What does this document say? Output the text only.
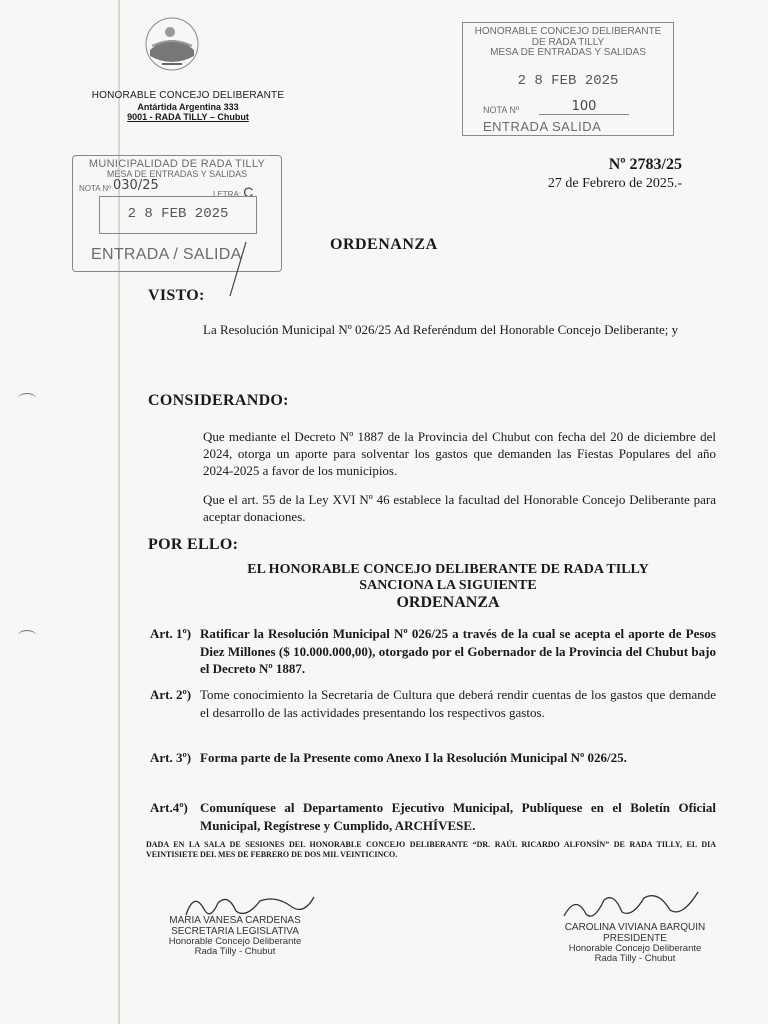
HONORABLE CONCEJO DELIBERANTE
Antártida Argentina 333
9001 - RADA TILLY – Chubut
HONORABLE CONCEJO DELIBERANTE
DE RADA TILLY
MESA DE ENTRADAS Y SALIDAS
2 8 FEB 2025
NOTA Nº	100
ENTRADA SALIDA
MUNICIPALIDAD DE RADA TILLY
MESA DE ENTRADAS Y SALIDAS
NOTA Nº 030/25
LETRA: C
2 8 FEB 2025
ENTRADA / SALIDA
Nº 2783/25
27 de Febrero de 2025.-
ORDENANZA
VISTO:
La Resolución Municipal Nº 026/25 Ad Referéndum del Honorable Concejo Deliberante; y
CONSIDERANDO:
Que mediante el Decreto Nº 1887 de la Provincia del Chubut con fecha del 20 de diciembre del 2024, otorga un aporte para solventar los gastos que demanden las Fiestas Populares del año 2024-2025 a favor de los municipios.
Que el art. 55 de la Ley XVI Nº 46 establece la facultad del Honorable Concejo Deliberante para aceptar donaciones.
POR ELLO:
EL HONORABLE CONCEJO DELIBERANTE DE RADA TILLY
SANCIONA LA SIGUIENTE
ORDENANZA
Art. 1º) Ratificar la Resolución Municipal Nº 026/25 a través de la cual se acepta el aporte de Pesos Diez Millones ($ 10.000.000,00), otorgado por el Gobernador de la Provincia del Chubut bajo el Decreto Nº 1887.
Art. 2º) Tome conocimiento la Secretaria de Cultura que deberá rendir cuentas de los gastos que demande el desarrollo de las actividades presentando los respectivos gastos.
Art. 3º) Forma parte de la Presente como Anexo I la Resolución Municipal Nº 026/25.
Art.4º) Comuníquese al Departamento Ejecutivo Municipal, Publíquese en el Boletín Oficial Municipal, Regístrese y Cumplido, ARCHÍVESE.
DADA EN LA SALA DE SESIONES DEL HONORABLE CONCEJO DELIBERANTE “DR. RAÚL RICARDO ALFONSÍN” DE RADA TILLY, EL DIA VEINTISIETE DEL MES DE FEBRERO DE DOS MIL VEINTICINCO.
MARIA VANESA CARDENAS
SECRETARIA LEGISLATIVA
Honorable Concejo Deliberante
Rada Tilly - Chubut
CAROLINA VIVIANA BARQUIN
PRESIDENTE
Honorable Concejo Deliberante
Rada Tilly - Chubut
